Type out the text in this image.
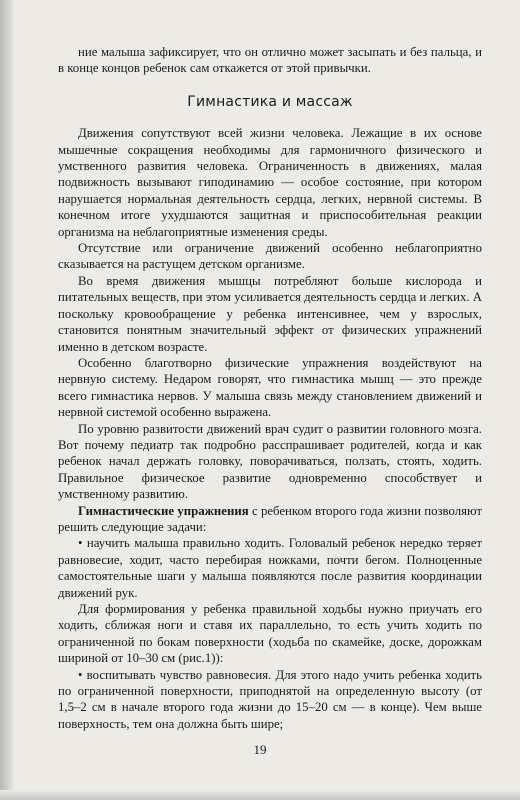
ние малыша зафиксирует, что он отлично может засыпать и без пальца, и в конце концов ребенок сам откажется от этой привычки.

Гимнастика и массаж

Движения сопутствуют всей жизни человека. Лежащие в их основе мышечные сокращения необходимы для гармоничного физического и умственного развития человека. Ограниченность в движениях, малая подвижность вызывают гиподинамию — особое состояние, при котором нарушается нормальная деятельность сердца, легких, нервной системы. В конечном итоге ухудшаются защитная и приспособительная реакции организма на неблагоприятные изменения среды.

Отсутствие или ограничение движений особенно неблагоприятно сказывается на растущем детском организме.

Во время движения мышцы потребляют больше кислорода и питательных веществ, при этом усиливается деятельность сердца и легких. А поскольку кровообращение у ребенка интенсивнее, чем у взрослых, становится понятным значительный эффект от физических упражнений именно в детском возрасте.

Особенно благотворно физические упражнения воздействуют на нервную систему. Недаром говорят, что гимнастика мышц — это прежде всего гимнастика нервов. У малыша связь между становлением движений и нервной системой особенно выражена.

По уровню развитости движений врач судит о развитии головного мозга. Вот почему педиатр так подробно расспрашивает родителей, когда и как ребенок начал держать головку, поворачиваться, ползать, стоять, ходить. Правильное физическое развитие одновременно способствует и умственному развитию.

Гимнастические упражнения с ребенком второго года жизни позволяют решить следующие задачи:

• научить малыша правильно ходить. Головалый ребенок нередко теряет равновесие, ходит, часто перебирая ножками, почти бегом. Полноценные самостоятельные шаги у малыша появляются после развития координации движений рук.

Для формирования у ребенка правильной ходьбы нужно приучать его ходить, сближая ноги и ставя их параллельно, то есть учить ходить по ограниченной по бокам поверхности (ходьба по скамейке, доске, дорожкам шириной от 10–30 см (рис.1)):

• воспитывать чувство равновесия. Для этого надо учить ребенка ходить по ограниченной поверхности, приподнятой на определенную высоту (от 1,5–2 см в начале второго года жизни до 15–20 см — в конце). Чем выше поверхность, тем она должна быть шире;

19
